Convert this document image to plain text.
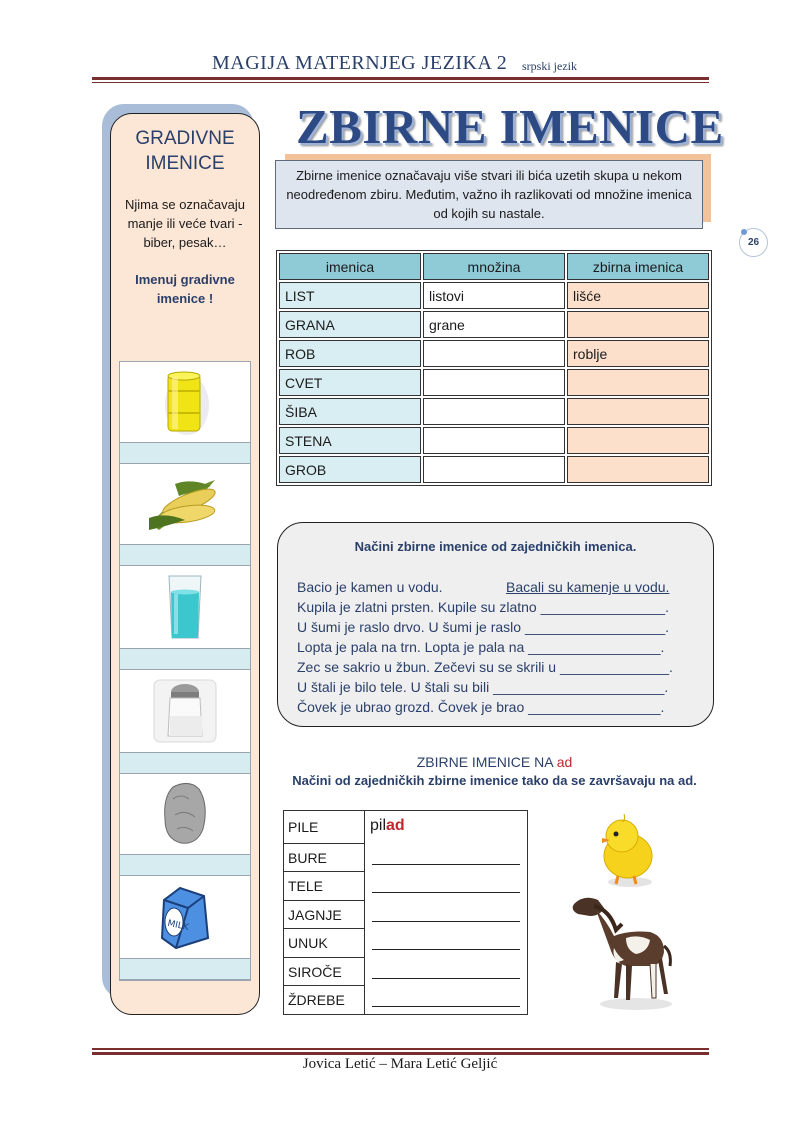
MAGIJA MATERNJEG JEZIKA 2 srpski jezik
26
GRADIVNE
IMENICE
Njima se označavaju manje ili veće tvari - biber, pesak…
Imenuj gradivne imenice !
MILK
ZBIRNE IMENICE
Zbirne imenice označavaju više stvari ili bića uzetih skupa u nekom neodređenom zbiru. Međutim, važno ih razlikovati od množine imenica od kojih su nastale.
imenica	množina	zbirna imenica
LIST	listovi	lišće
GRANA	grane	
ROB		roblje
CVET		
ŠIBA		
STENA		
GROB		
Načini zbirne imenice od zajedničkih imenica.
Bacio je kamen u vodu.	Bacali su kamenje u vodu.
Kupila je zlatni prsten. Kupile su zlatno ________________.
U šumi je raslo drvo. U šumi je raslo __________________.
Lopta je pala na trn. Lopta je pala na _________________.
Zec se sakrio u žbun. Zečevi su se skrili u ______________.
U štali je bilo tele. U štali su bili ______________________.
Čovek je ubrao grozd. Čovek je brao _________________.
ZBIRNE IMENICE NA ad
Načini od zajedničkih zbirne imenice tako da se završavaju na ad.
PILE	pilad
BURE
TELE
JAGNJE
UNUK
SIROČE
ŽDREBE
Jovica Letić – Mara Letić Geljić
